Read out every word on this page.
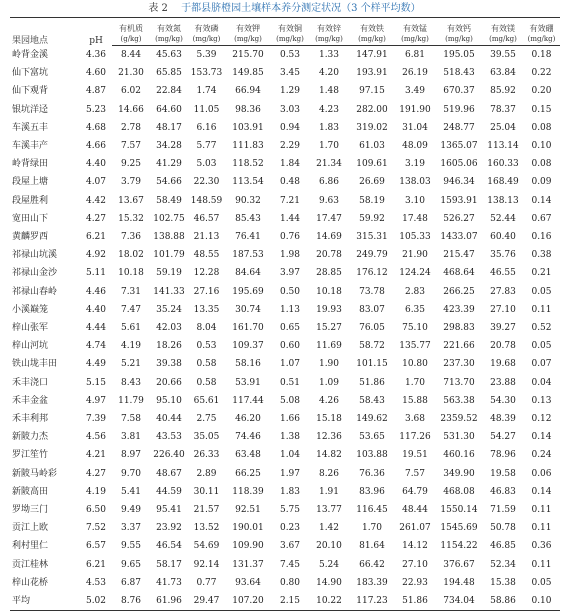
表 2 于都县脐橙园土壤样本养分测定状况（3 个样平均数）
果园地点	pH	有机质	有效氮	有效磷	有效钾	有效铜	有效锌	有效铁	有效锰	有效钙	有效镁	有效硼
		(g/kg)	(mg/kg)	(mg/kg)	(mg/kg)	(mg/kg)	(mg/kg)	(mg/kg)	(mg/kg)	(mg/kg)	(mg/kg)	(mg/kg)
岭背金溪	4.36	8.44	45.63	5.39	215.70	0.53	1.33	147.91	6.81	195.05	39.55	0.18
仙下富坑	4.60	21.30	65.85	153.73	149.85	3.45	4.20	193.91	26.19	518.43	63.84	0.22
仙下观背	4.87	6.02	22.84	1.74	66.94	1.29	1.48	97.15	3.49	670.37	85.92	0.20
银坑洋迳	5.23	14.66	64.60	11.05	98.36	3.03	4.23	282.00	191.90	519.96	78.37	0.15
车溪五丰	4.68	2.78	48.17	6.16	103.91	0.94	1.83	319.02	31.04	248.77	25.04	0.08
车溪丰产	4.66	7.57	34.28	5.77	111.83	2.29	1.70	61.03	48.09	1365.07	113.14	0.10
岭背绿田	4.40	9.25	41.29	5.03	118.52	1.84	21.34	109.61	3.19	1605.06	160.33	0.08
段屋上塘	4.07	3.79	54.66	22.30	113.54	0.48	6.86	26.69	138.03	946.34	168.49	0.09
段屋胜利	4.42	13.67	58.49	148.59	90.32	7.21	9.63	58.19	3.10	1593.91	138.13	0.14
宽田山下	4.27	15.32	102.75	46.57	85.43	1.44	17.47	59.92	17.48	526.27	52.44	0.67
黄麟罗西	6.21	7.36	138.88	21.13	76.41	0.76	14.69	315.31	105.33	1433.07	60.40	0.16
祁禄山坑溪	4.92	18.02	101.79	48.55	187.53	1.98	20.78	249.79	21.90	215.47	35.76	0.38
祁禄山金沙	5.11	10.18	59.19	12.28	84.64	3.97	28.85	176.12	124.24	468.64	46.55	0.21
祁禄山春岭	4.46	7.31	141.33	27.16	195.69	0.50	10.18	73.78	2.83	266.25	27.83	0.05
小溪巅笼	4.40	7.47	35.24	13.35	30.74	1.13	19.93	83.07	6.35	423.39	27.10	0.11
梓山张军	4.44	5.61	42.03	8.04	161.70	0.65	15.27	76.05	75.10	298.83	39.27	0.52
梓山河坑	4.74	4.19	18.26	0.53	109.37	0.60	11.69	58.72	135.77	221.66	20.78	0.05
铁山垅丰田	4.49	5.21	39.38	0.58	58.16	1.07	1.90	101.15	10.80	237.30	19.68	0.07
禾丰浇口	5.15	8.43	20.66	0.58	53.91	0.51	1.09	51.86	1.70	713.70	23.88	0.04
禾丰金盆	4.97	11.79	95.10	65.61	117.44	5.08	4.26	58.43	15.88	563.38	54.30	0.13
禾丰利邦	7.39	7.58	40.44	2.75	46.20	1.66	15.18	149.62	3.68	2359.52	48.39	0.12
新陂力杰	4.56	3.81	43.53	35.05	74.46	1.38	12.36	53.65	117.26	531.30	54.27	0.14
罗江笙竹	4.21	8.97	226.40	26.33	63.48	1.04	14.82	103.88	19.51	460.16	78.96	0.24
新陂马岭彩	4.27	9.70	48.67	2.89	66.25	1.97	8.26	76.36	7.57	349.90	19.58	0.06
新陂高田	4.19	5.41	44.59	30.11	118.39	1.83	1.91	83.96	64.79	468.08	46.83	0.14
罗坳三门	6.50	9.49	95.41	21.57	92.51	5.75	13.77	116.45	48.44	1550.14	71.59	0.11
贡江上欧	7.52	3.37	23.92	13.52	190.01	0.23	1.42	1.70	261.07	1545.69	50.78	0.11
利村里仁	6.57	9.55	46.54	54.69	109.90	3.67	20.10	81.64	14.12	1154.22	46.85	0.36
贡江桂林	6.21	9.65	58.17	92.14	131.37	7.45	5.24	66.42	27.10	376.67	52.34	0.11
梓山花桥	4.53	6.87	41.73	0.77	93.64	0.80	14.90	183.39	22.93	194.48	15.38	0.05
平均	5.02	8.76	61.96	29.47	107.20	2.15	10.22	117.23	51.86	734.04	58.86	0.10
